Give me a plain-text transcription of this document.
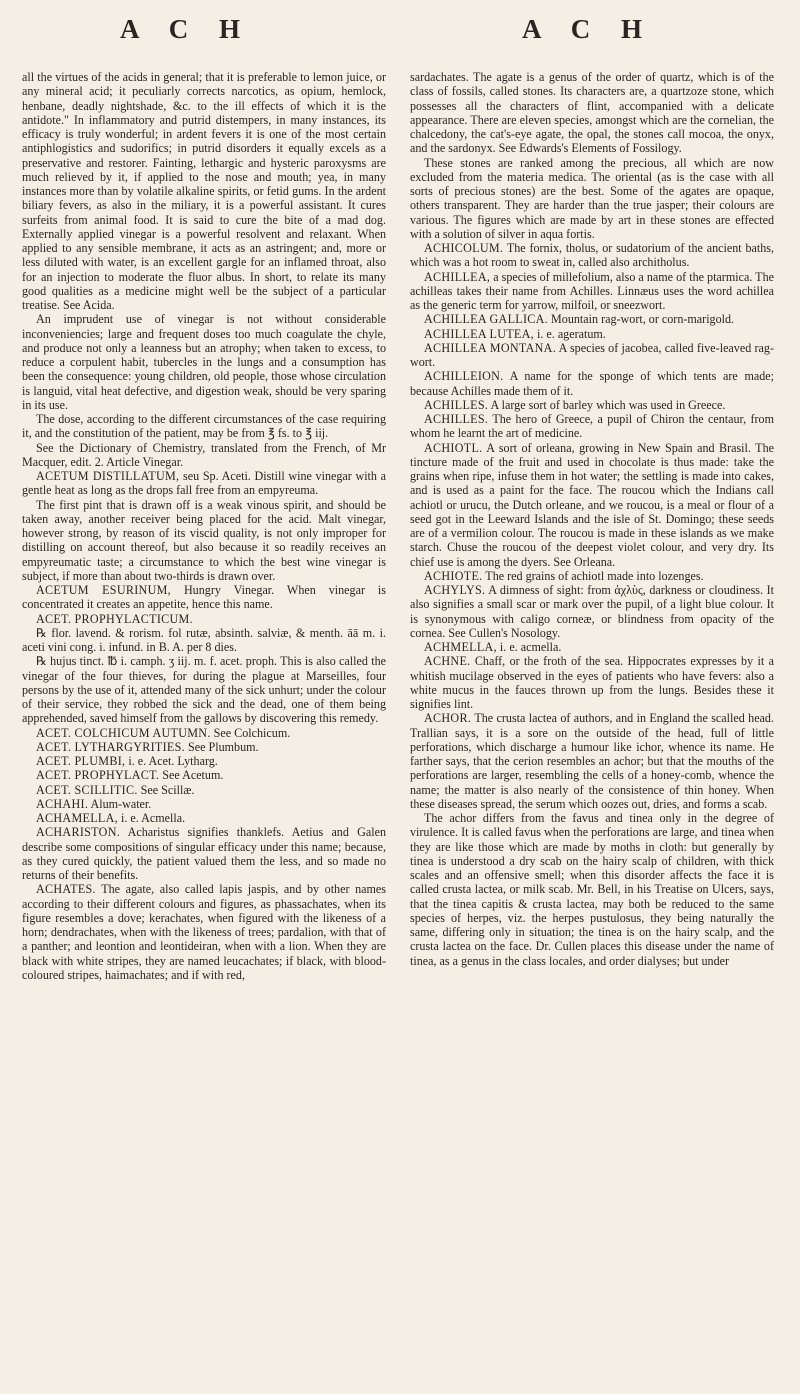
A C H	A C H

all the virtues of the acids in general; that it is preferable to lemon juice, or any mineral acid; it peculiarly corrects narcotics, as opium, hemlock, henbane, deadly nightshade, &c. to the ill effects of which it is the antidote." In inflammatory and putrid distempers, in many instances, its efficacy is truly wonderful; in ardent fevers it is one of the most certain antiphlogistics and sudorifics; in putrid disorders it equally excels as a preservative and restorer. Fainting, lethargic and hysteric paroxysms are much relieved by it, if applied to the nose and mouth; yea, in many instances more than by volatile alkaline spirits, or fetid gums. In the ardent biliary fevers, as also in the miliary, it is a powerful assistant. It cures surfeits from animal food. It is said to cure the bite of a mad dog. Externally applied vinegar is a powerful resolvent and relaxant. When applied to any sensible membrane, it acts as an astringent; and, more or less diluted with water, is an excellent gargle for an inflamed throat, also for an injection to moderate the fluor albus. In short, to relate its many good qualities as a medicine might well be the subject of a particular treatise. See Acida.

An imprudent use of vinegar is not without considerable inconveniencies; large and frequent doses too much coagulate the chyle, and produce not only a leanness but an atrophy; when taken to excess, to reduce a corpulent habit, tubercles in the lungs and a consumption has been the consequence: young children, old people, those whose circulation is languid, vital heat defective, and digestion weak, should be very sparing in its use.

The dose, according to the different circumstances of the case requiring it, and the constitution of the patient, may be from ℥ fs. to ℥ iij.

See the Dictionary of Chemistry, translated from the French, of Mr Macquer, edit. 2. Article Vinegar.

ACETUM DISTILLATUM, seu Sp. Aceti. Distill wine vinegar with a gentle heat as long as the drops fall free from an empyreuma.

The first pint that is drawn off is a weak vinous spirit, and should be taken away, another receiver being placed for the acid. Malt vinegar, however strong, by reason of its viscid quality, is not only improper for distilling on account thereof, but also because it so readily receives an empyreumatic taste; a circumstance to which the best wine vinegar is subject, if more than about two-thirds is drawn over.

ACETUM ESURINUM, Hungry Vinegar. When vinegar is concentrated it creates an appetite, hence this name.

ACET. PROPHYLACTICUM.

℞ flor. lavend. & rorism. fol rutæ, absinth. salviæ, & menth. āā m. i. aceti vini cong. i. infund. in B. A. per 8 dies.

℞ hujus tinct. ℔ i. camph. ʒ iij. m. f. acet. proph. This is also called the vinegar of the four thieves, for during the plague at Marseilles, four persons by the use of it, attended many of the sick unhurt; under the colour of their service, they robbed the sick and the dead, one of them being apprehended, saved himself from the gallows by discovering this remedy.

ACET. COLCHICUM AUTUMN. See Colchicum.

ACET. LYTHARGYRITIES. See Plumbum.

ACET. PLUMBI, i. e. Acet. Lytharg.

ACET. PROPHYLACT. See Acetum.

ACET. SCILLITIC. See Scillæ.

ACHAHI. Alum-water.

ACHAMELLA, i. e. Acmella.

ACHARISTON. Acharistus signifies thanklefs. Aetius and Galen describe some compositions of singular efficacy under this name; because, as they cured quickly, the patient valued them the less, and so made no returns of their benefits.

ACHATES. The agate, also called lapis jaspis, and by other names according to their different colours and figures, as phassachates, when its figure resembles a dove; kerachates, when figured with the likeness of a horn; dendrachates, when with the likeness of trees; pardalion, with that of a panther; and leontion and leontideiran, when with a lion. When they are black with white stripes, they are named leucachates; if black, with blood-coloured stripes, haimachates; and if with red,

sardachates. The agate is a genus of the order of quartz, which is of the class of fossils, called stones. Its characters are, a quartzoze stone, which possesses all the characters of flint, accompanied with a delicate appearance. There are eleven species, amongst which are the cornelian, the chalcedony, the cat's-eye agate, the opal, the stones call mocoa, the onyx, and the sardonyx. See Edwards's Elements of Fossilogy.

These stones are ranked among the precious, all which are now excluded from the materia medica. The oriental (as is the case with all sorts of precious stones) are the best. Some of the agates are opaque, others transparent. They are harder than the true jasper; their colours are various. The figures which are made by art in these stones are effected with a solution of silver in aqua fortis.

ACHICOLUM. The fornix, tholus, or sudatorium of the ancient baths, which was a hot room to sweat in, called also architholus.

ACHILLEA, a species of millefolium, also a name of the ptarmica. The achilleas takes their name from Achilles. Linnæus uses the word achillea as the generic term for yarrow, milfoil, or sneezwort.

ACHILLEA GALLICA. Mountain rag-wort, or corn-marigold.

ACHILLEA LUTEA, i. e. ageratum.

ACHILLEA MONTANA. A species of jacobea, called five-leaved rag-wort.

ACHILLEION. A name for the sponge of which tents are made; because Achilles made them of it.

ACHILLES. A large sort of barley which was used in Greece.

ACHILLES. The hero of Greece, a pupil of Chiron the centaur, from whom he learnt the art of medicine.

ACHIOTL. A sort of orleana, growing in New Spain and Brasil. The tincture made of the fruit and used in chocolate is thus made: take the grains when ripe, infuse them in hot water; the settling is made into cakes, and is used as a paint for the face. The roucou which the Indians call achiotl or urucu, the Dutch orleane, and we roucou, is a meal or flour of a seed got in the Leeward Islands and the isle of St. Domingo; these seeds are of a vermilion colour. The roucou is made in these islands as we make starch. Chuse the roucou of the deepest violet colour, and very dry. Its chief use is among the dyers. See Orleana.

ACHIOTE. The red grains of achiotl made into lozenges.

ACHYLYS. A dimness of sight: from ἀχλὺς, darkness or cloudiness. It also signifies a small scar or mark over the pupil, of a light blue colour. It is synonymous with caligo corneæ, or blindness from opacity of the cornea. See Cullen's Nosology.

ACHMELLA, i. e. acmella.

ACHNE. Chaff, or the froth of the sea. Hippocrates expresses by it a whitish mucilage observed in the eyes of patients who have fevers: also a white mucus in the fauces thrown up from the lungs. Besides these it signifies lint.

ACHOR. The crusta lactea of authors, and in England the scalled head. Trallian says, it is a sore on the outside of the head, full of little perforations, which discharge a humour like ichor, whence its name. He farther says, that the cerion resembles an achor; but that the mouths of the perforations are larger, resembling the cells of a honey-comb, whence the name; the matter is also nearly of the consistence of thin honey. When these diseases spread, the serum which oozes out, dries, and forms a scab.

The achor differs from the favus and tinea only in the degree of virulence. It is called favus when the perforations are large, and tinea when they are like those which are made by moths in cloth: but generally by tinea is understood a dry scab on the hairy scalp of children, with thick scales and an offensive smell; when this disorder affects the face it is called crusta lactea, or milk scab. Mr. Bell, in his Treatise on Ulcers, says, that the tinea capitis & crusta lactea, may both be reduced to the same species of herpes, viz. the herpes pustulosus, they being naturally the same, differing only in situation; the tinea is on the hairy scalp, and the crusta lactea on the face. Dr. Cullen places this disease under the name of tinea, as a genus in the class locales, and order dialyses; but under
